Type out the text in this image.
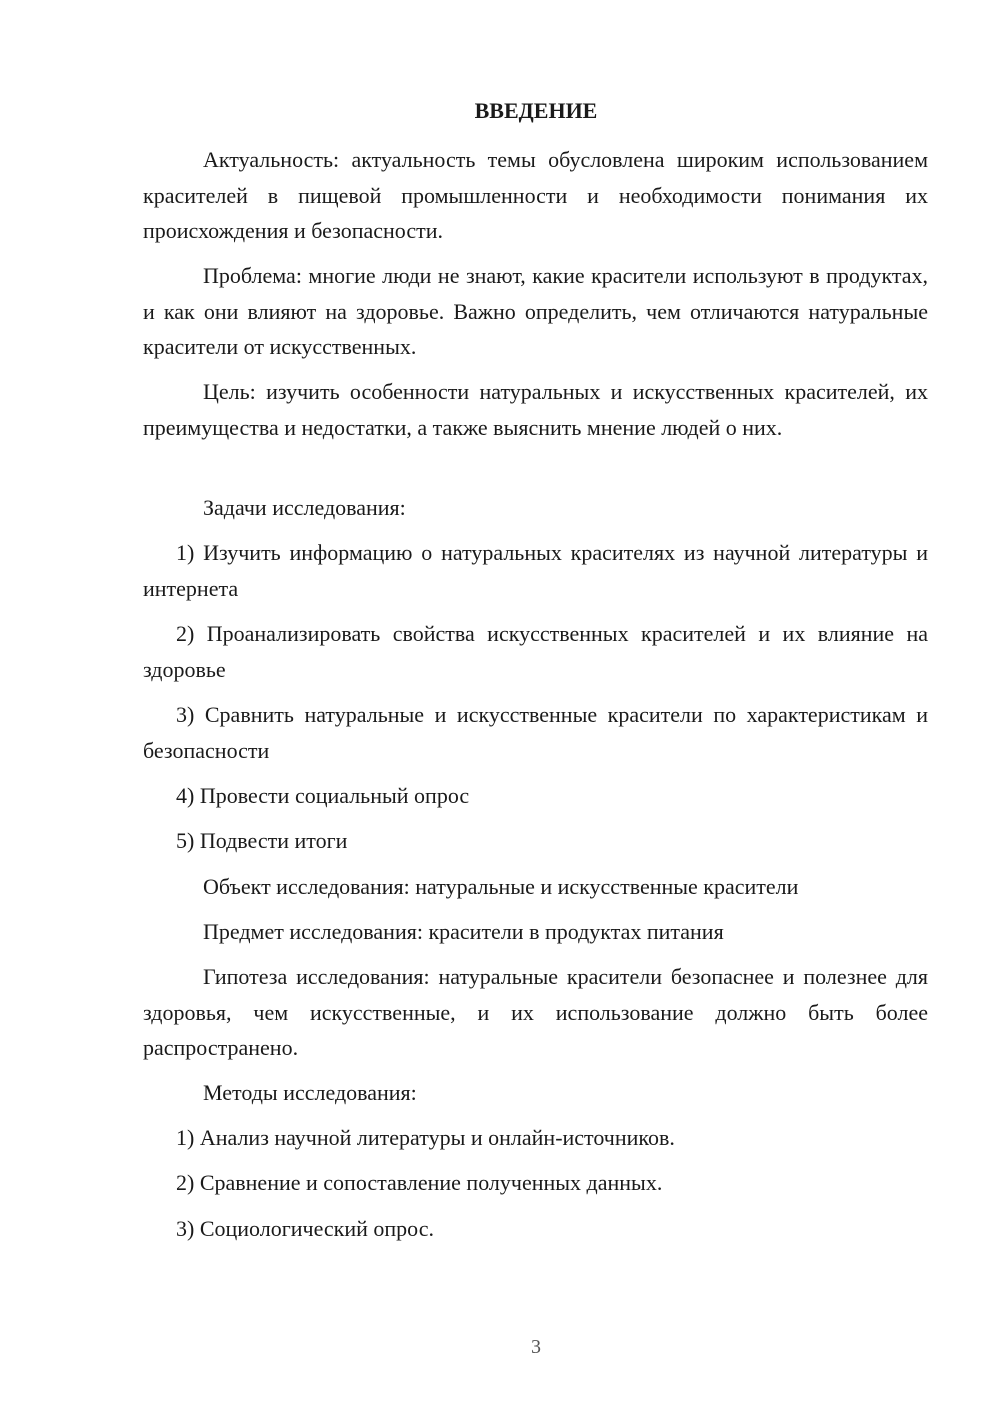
ВВЕДЕНИЕ

Актуальность: актуальность темы обусловлена широким использованием красителей в пищевой промышленности и необходимости понимания их происхождения и безопасности.

Проблема: многие люди не знают, какие красители используют в продуктах, и как они влияют на здоровье. Важно определить, чем отличаются натуральные красители от искусственных.

Цель: изучить особенности натуральных и искусственных красителей, их преимущества и недостатки, а также выяснить мнение людей о них.

Задачи исследования:

1) Изучить информацию о натуральных красителях из научной литературы и интернета

2) Проанализировать свойства искусственных красителей и их влияние на здоровье

3) Сравнить натуральные и искусственные красители по характеристикам и безопасности

4) Провести социальный опрос

5) Подвести итоги

Объект исследования: натуральные и искусственные красители

Предмет исследования: красители в продуктах питания

Гипотеза исследования: натуральные красители безопаснее и полезнее для здоровья, чем искусственные, и их использование должно быть более распространено.

Методы исследования:

1) Анализ научной литературы и онлайн-источников.

2) Сравнение и сопоставление полученных данных.

3) Социологический опрос.

3
